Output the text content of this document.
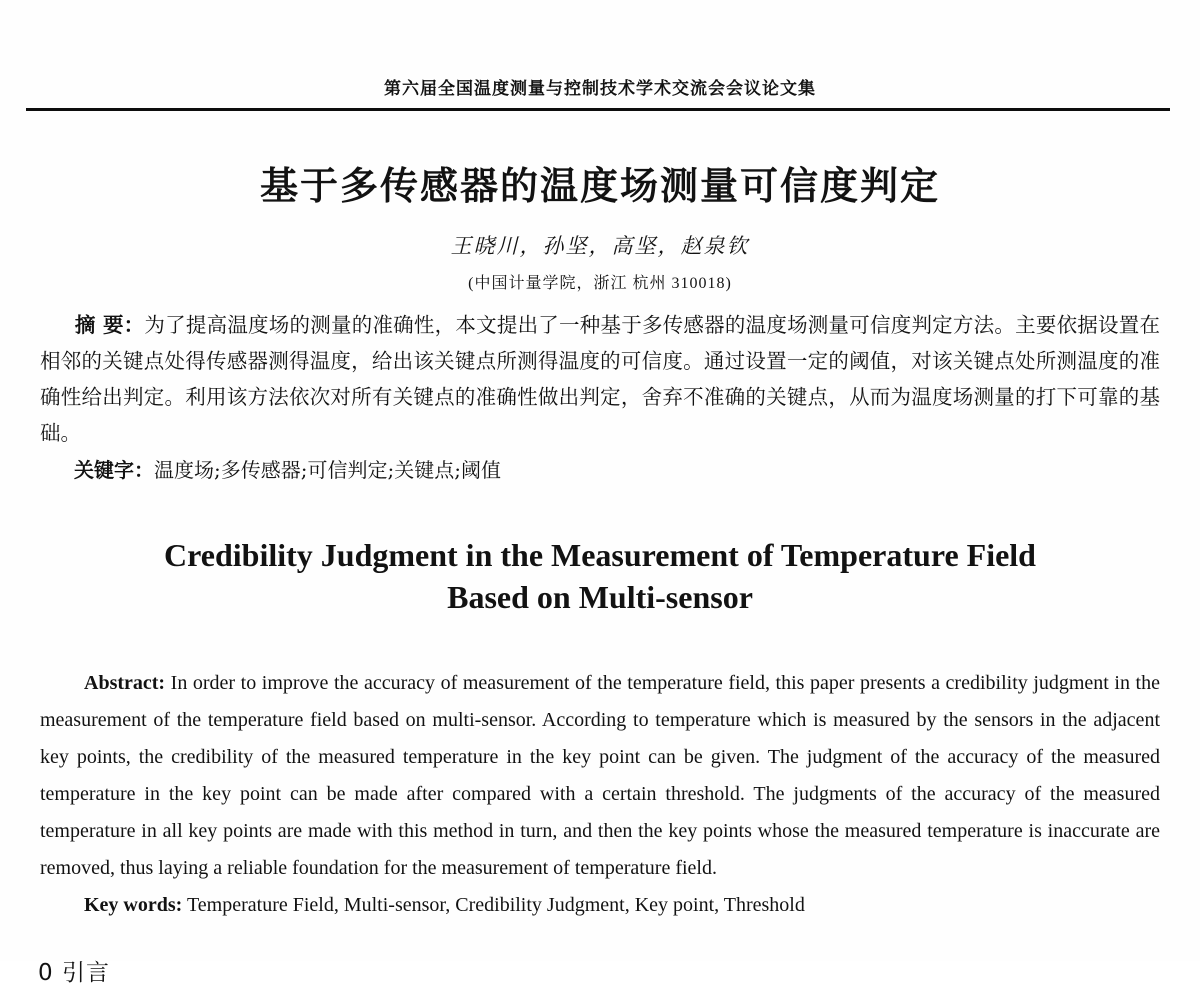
第六届全国温度测量与控制技术学术交流会会议论文集
基于多传感器的温度场测量可信度判定
王晓川，孙坚，高坚，赵泉钦
(中国计量学院，浙江 杭州 310018)

摘 要：为了提高温度场的测量的准确性，本文提出了一种基于多传感器的温度场测量可信度判定方法。主要依据设置在相邻的关键点处得传感器测得温度，给出该关键点所测得温度的可信度。通过设置一定的阈值，对该关键点处所测温度的准确性给出判定。利用该方法依次对所有关键点的准确性做出判定，舍弃不准确的关键点，从而为温度场测量的打下可靠的基础。

关键字：温度场;多传感器;可信判定;关键点;阈值

Credibility Judgment in the Measurement of Temperature Field
Based on Multi-sensor

Abstract: In order to improve the accuracy of measurement of the temperature field, this paper presents a credibility judgment in the measurement of the temperature field based on multi-sensor. According to temperature which is measured by the sensors in the adjacent key points, the credibility of the measured temperature in the key point can be given. The judgment of the accuracy of the measured temperature in the key point can be made after compared with a certain threshold. The judgments of the accuracy of the measured temperature in all key points are made with this method in turn, and then the key points whose the measured temperature is inaccurate are removed, thus laying a reliable foundation for the measurement of temperature field.

Key words: Temperature Field, Multi-sensor, Credibility Judgment, Key point, Threshold

0 引言
